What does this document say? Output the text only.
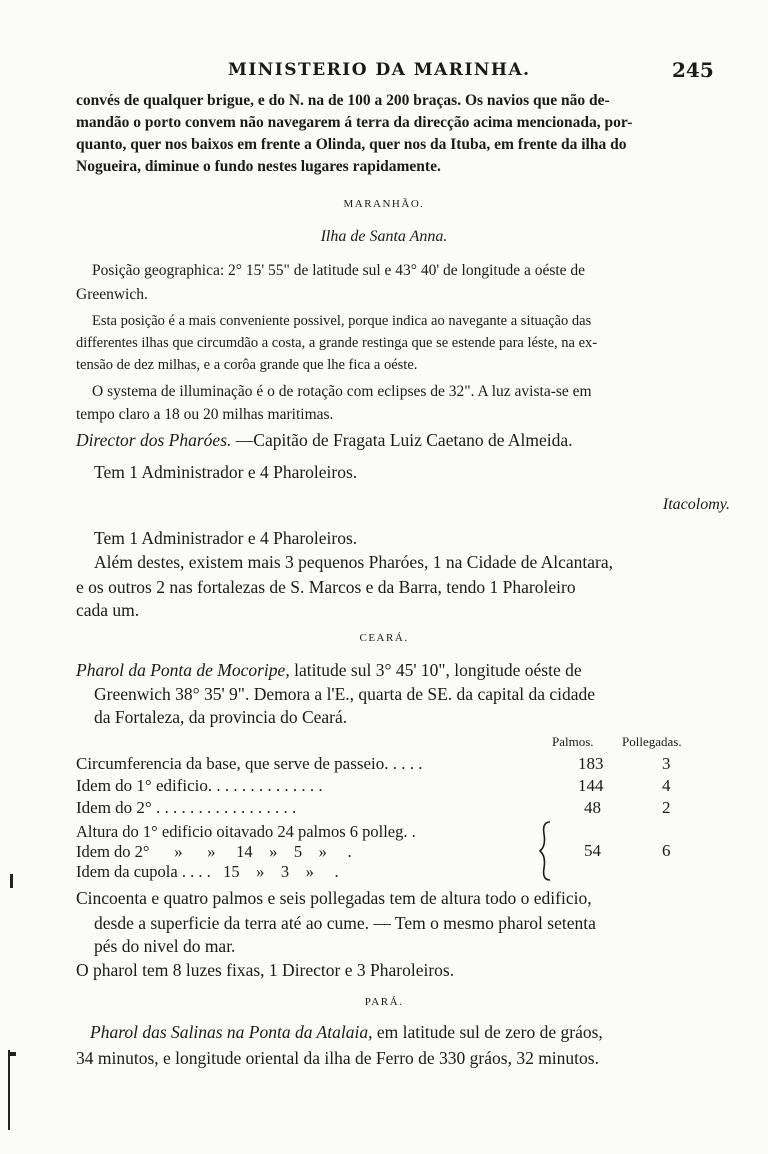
MINISTERIO DA MARINHA.	245
convés de qualquer brigue, e do N. na de 100 a 200 braças. Os navios que não de-
mandão o porto convem não navegarem á terra da direcção acima mencionada, por-
quanto, quer nos baixos em frente a Olinda, quer nos da Ituba, em frente da ilha do
Nogueira, diminue o fundo nestes lugares rapidamente.
MARANHÃO.
Ilha de Santa Anna.
Posição geographica: 2° 15' 55" de latitude sul e 43° 40' de longitude a oéste de
Greenwich.
Esta posição é a mais conveniente possivel, porque indica ao navegante a situação das
differentes ilhas que circumdão a costa, a grande restinga que se estende para léste, na ex-
tensão de dez milhas, e a corôa grande que lhe fica a oéste.
O systema de illuminação é o de rotação com eclipses de 32". A luz avista-se em
tempo claro a 18 ou 20 milhas maritimas.
Director dos Pharóes. —Capitão de Fragata Luiz Caetano de Almeida.
Tem 1 Administrador e 4 Pharoleiros.
Itacolomy.
Tem 1 Administrador e 4 Pharoleiros.
Além destes, existem mais 3 pequenos Pharóes, 1 na Cidade de Alcantara,
e os outros 2 nas fortalezas de S. Marcos e da Barra, tendo 1 Pharoleiro
cada um.
CEARÁ.
Pharol da Ponta de Mocoripe, latitude sul 3° 45' 10", longitude oéste de
Greenwich 38° 35' 9". Demora a l'E., quarta de SE. da capital da cidade
da Fortaleza, da provincia do Ceará.
Palmos. Pollegadas.
Circumferencia da base, que serve de passeio. . . . .	183	3
Idem do 1° edificio. . . . . . . . . . . . . .	144	4
Idem do 2° . . . . . . . . . . . . . . . . .	48	2
Altura do 1° edificio oitavado 24 palmos 6 polleg. .
Idem do 2°      »      »     14    »    5    »     .
Idem da cupola . . . .   15    »    3    »     .
54	6
Cincoenta e quatro palmos e seis pollegadas tem de altura todo o edificio,
desde a superficie da terra até ao cume. — Tem o mesmo pharol setenta
pés do nivel do mar.
O pharol tem 8 luzes fixas, 1 Director e 3 Pharoleiros.
PARÁ.
Pharol das Salinas na Ponta da Atalaia, em latitude sul de zero de gráos,
34 minutos, e longitude oriental da ilha de Ferro de 330 gráos, 32 minutos.
